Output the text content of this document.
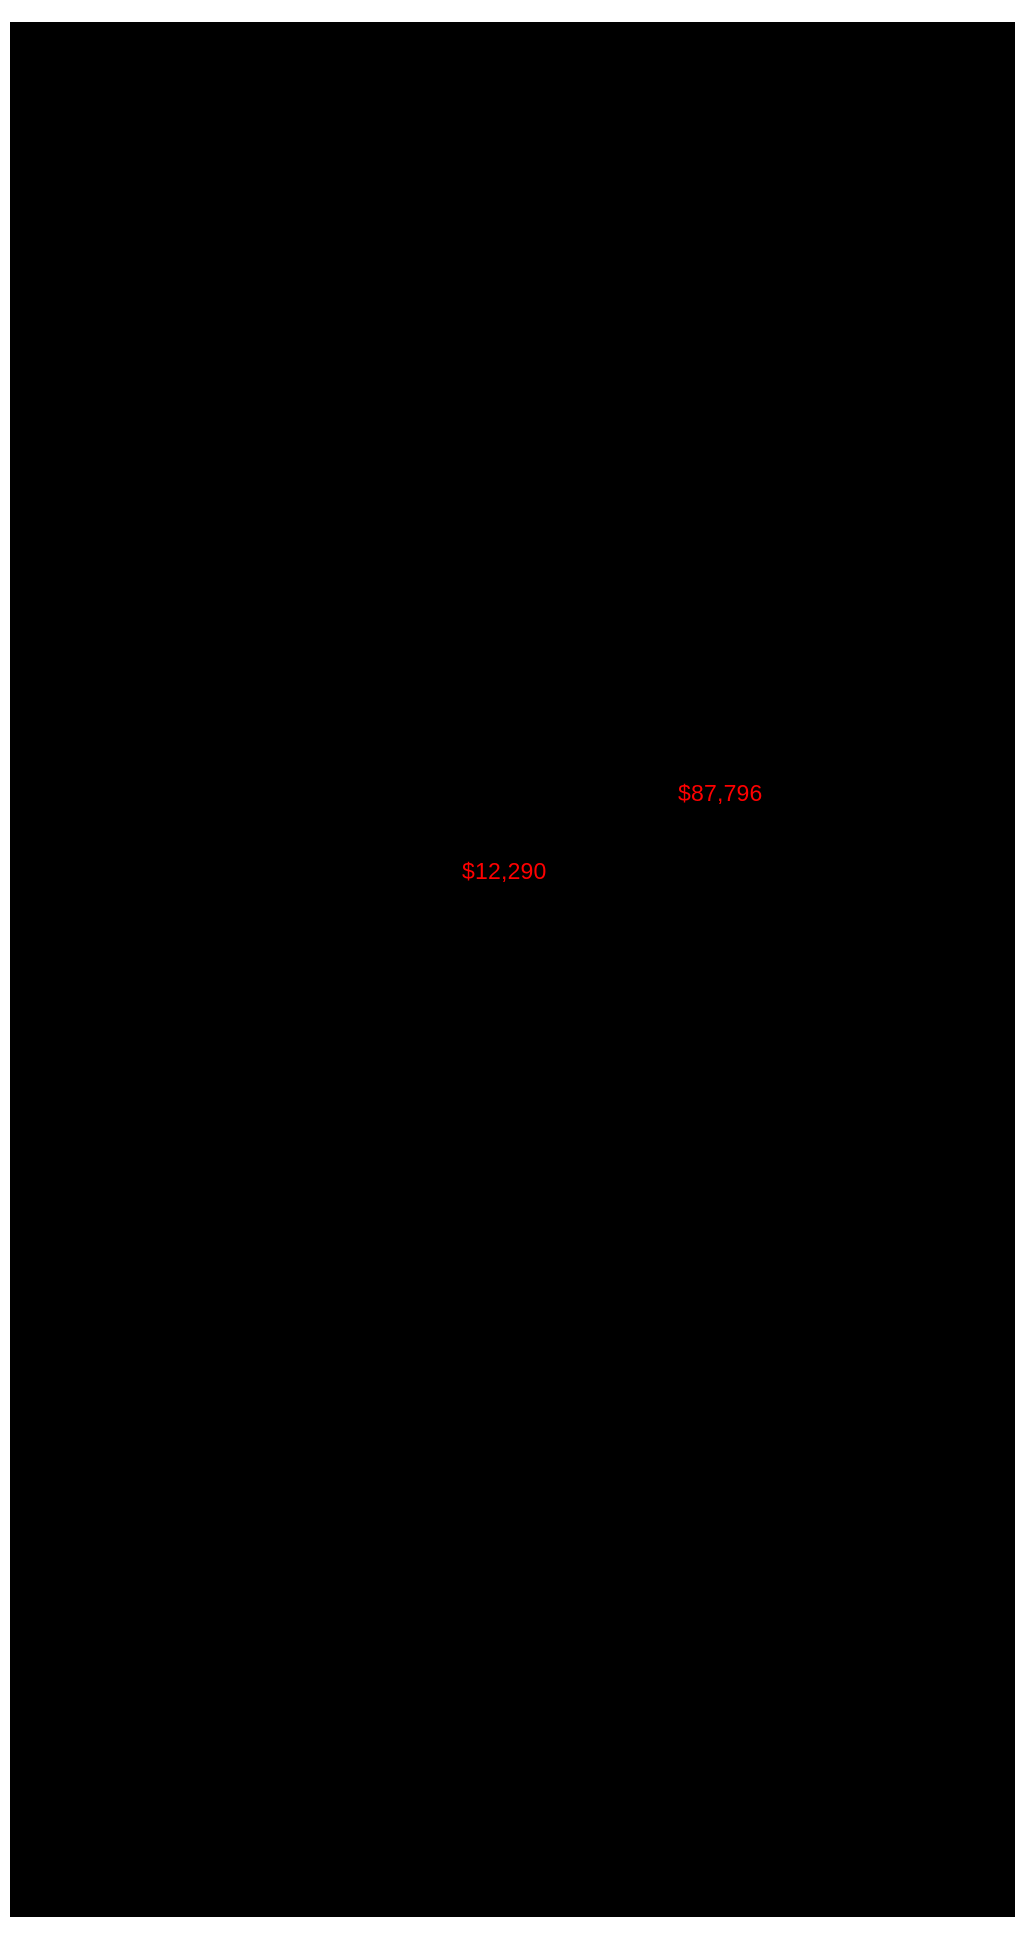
$87,796
$12,290
